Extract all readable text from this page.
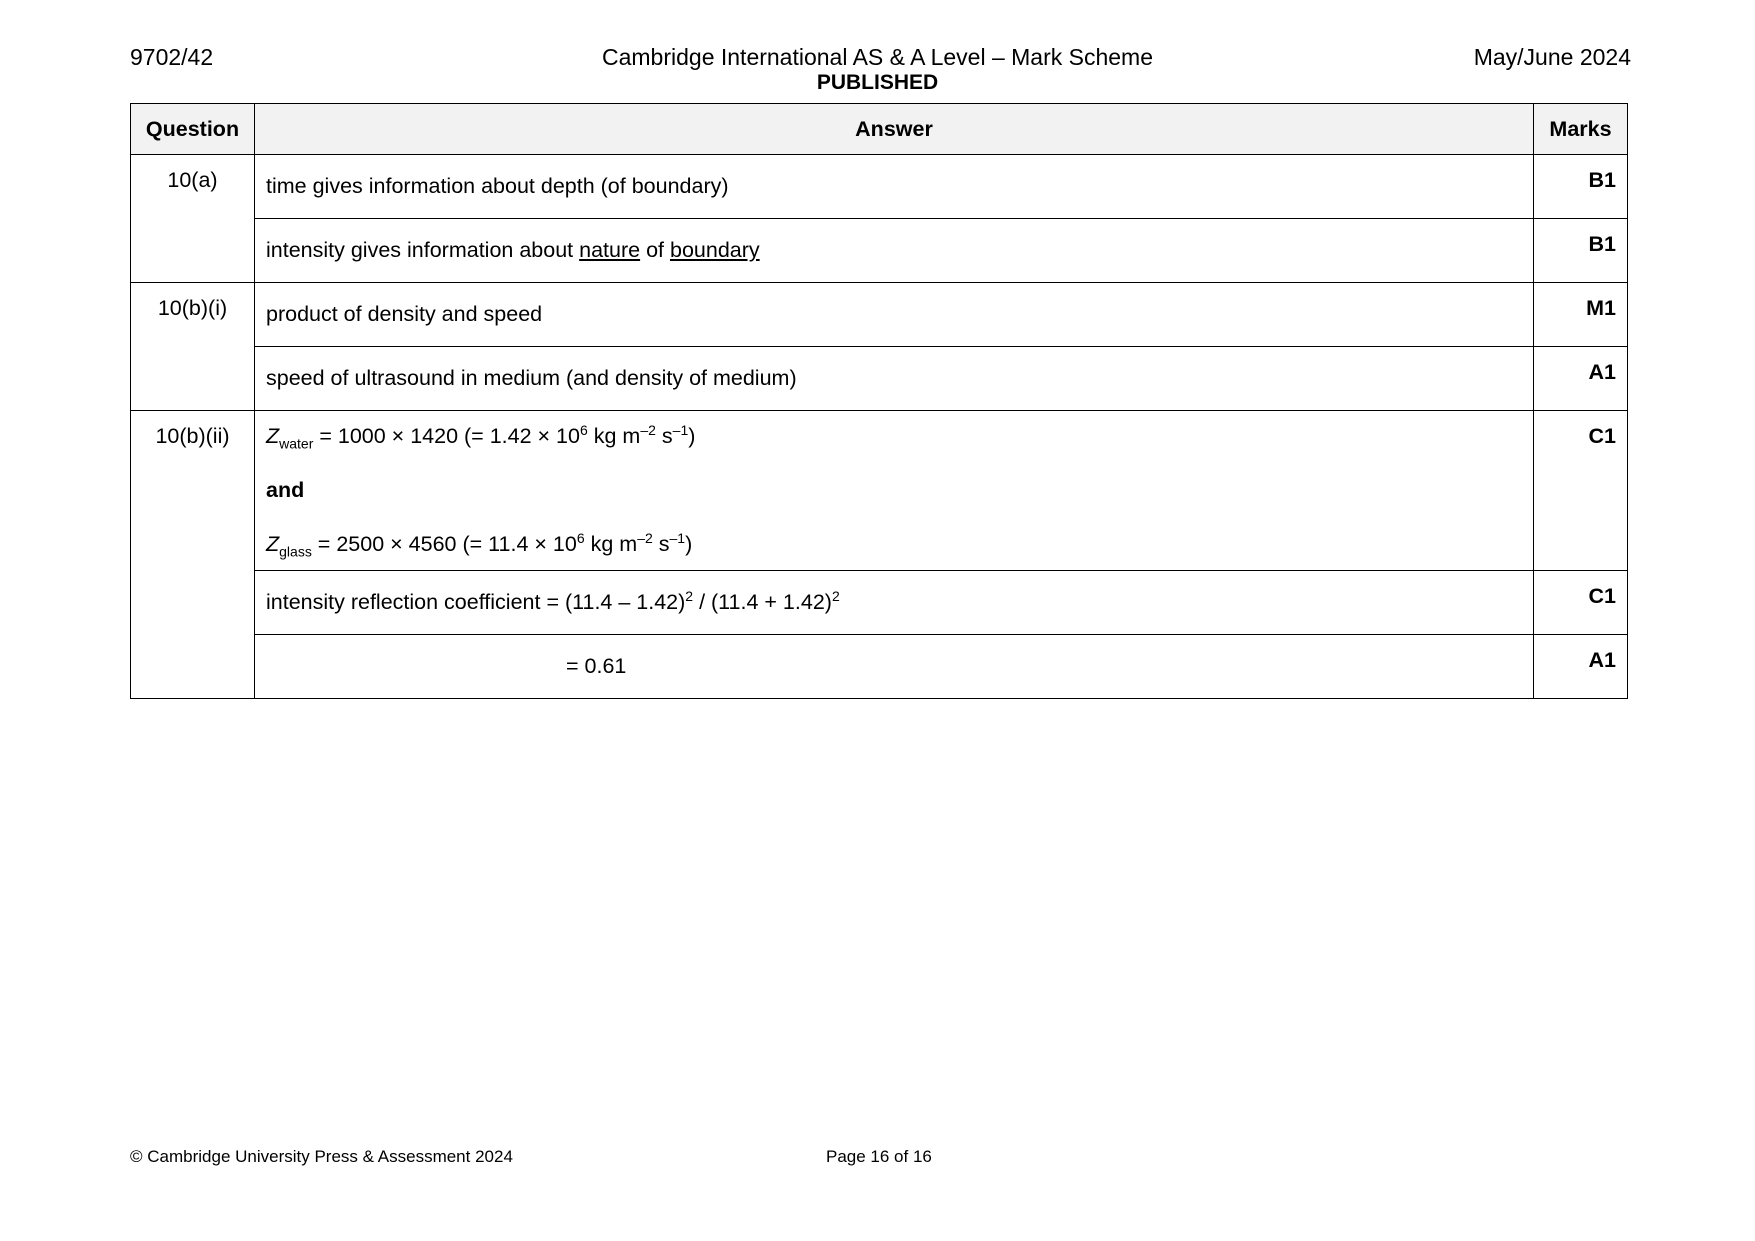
9702/42	Cambridge International AS & A Level – Mark Scheme
PUBLISHED
May/June 2024
Question	Answer	Marks
10(a)	time gives information about depth (of boundary)	B1
	intensity gives information about nature of boundary	B1
10(b)(i)	product of density and speed	M1
	speed of ultrasound in medium (and density of medium)	A1
10(b)(ii)	$Z_{water} = 1000 \times 1420$ (= $1.42 \times 10^6$ kg $m^{-2}$ $s^{-1}$)
and
$Z_{glass} = 2500 \times 4560$ (= $11.4 \times 10^6$ kg $m^{-2}$ $s^{-1}$)	C1
	intensity reflection coefficient = $(11.4 - 1.42)^2 / (11.4 + 1.42)^2$	C1
	= 0.61	A1
© Cambridge University Press & Assessment 2024	Page 16 of 16
